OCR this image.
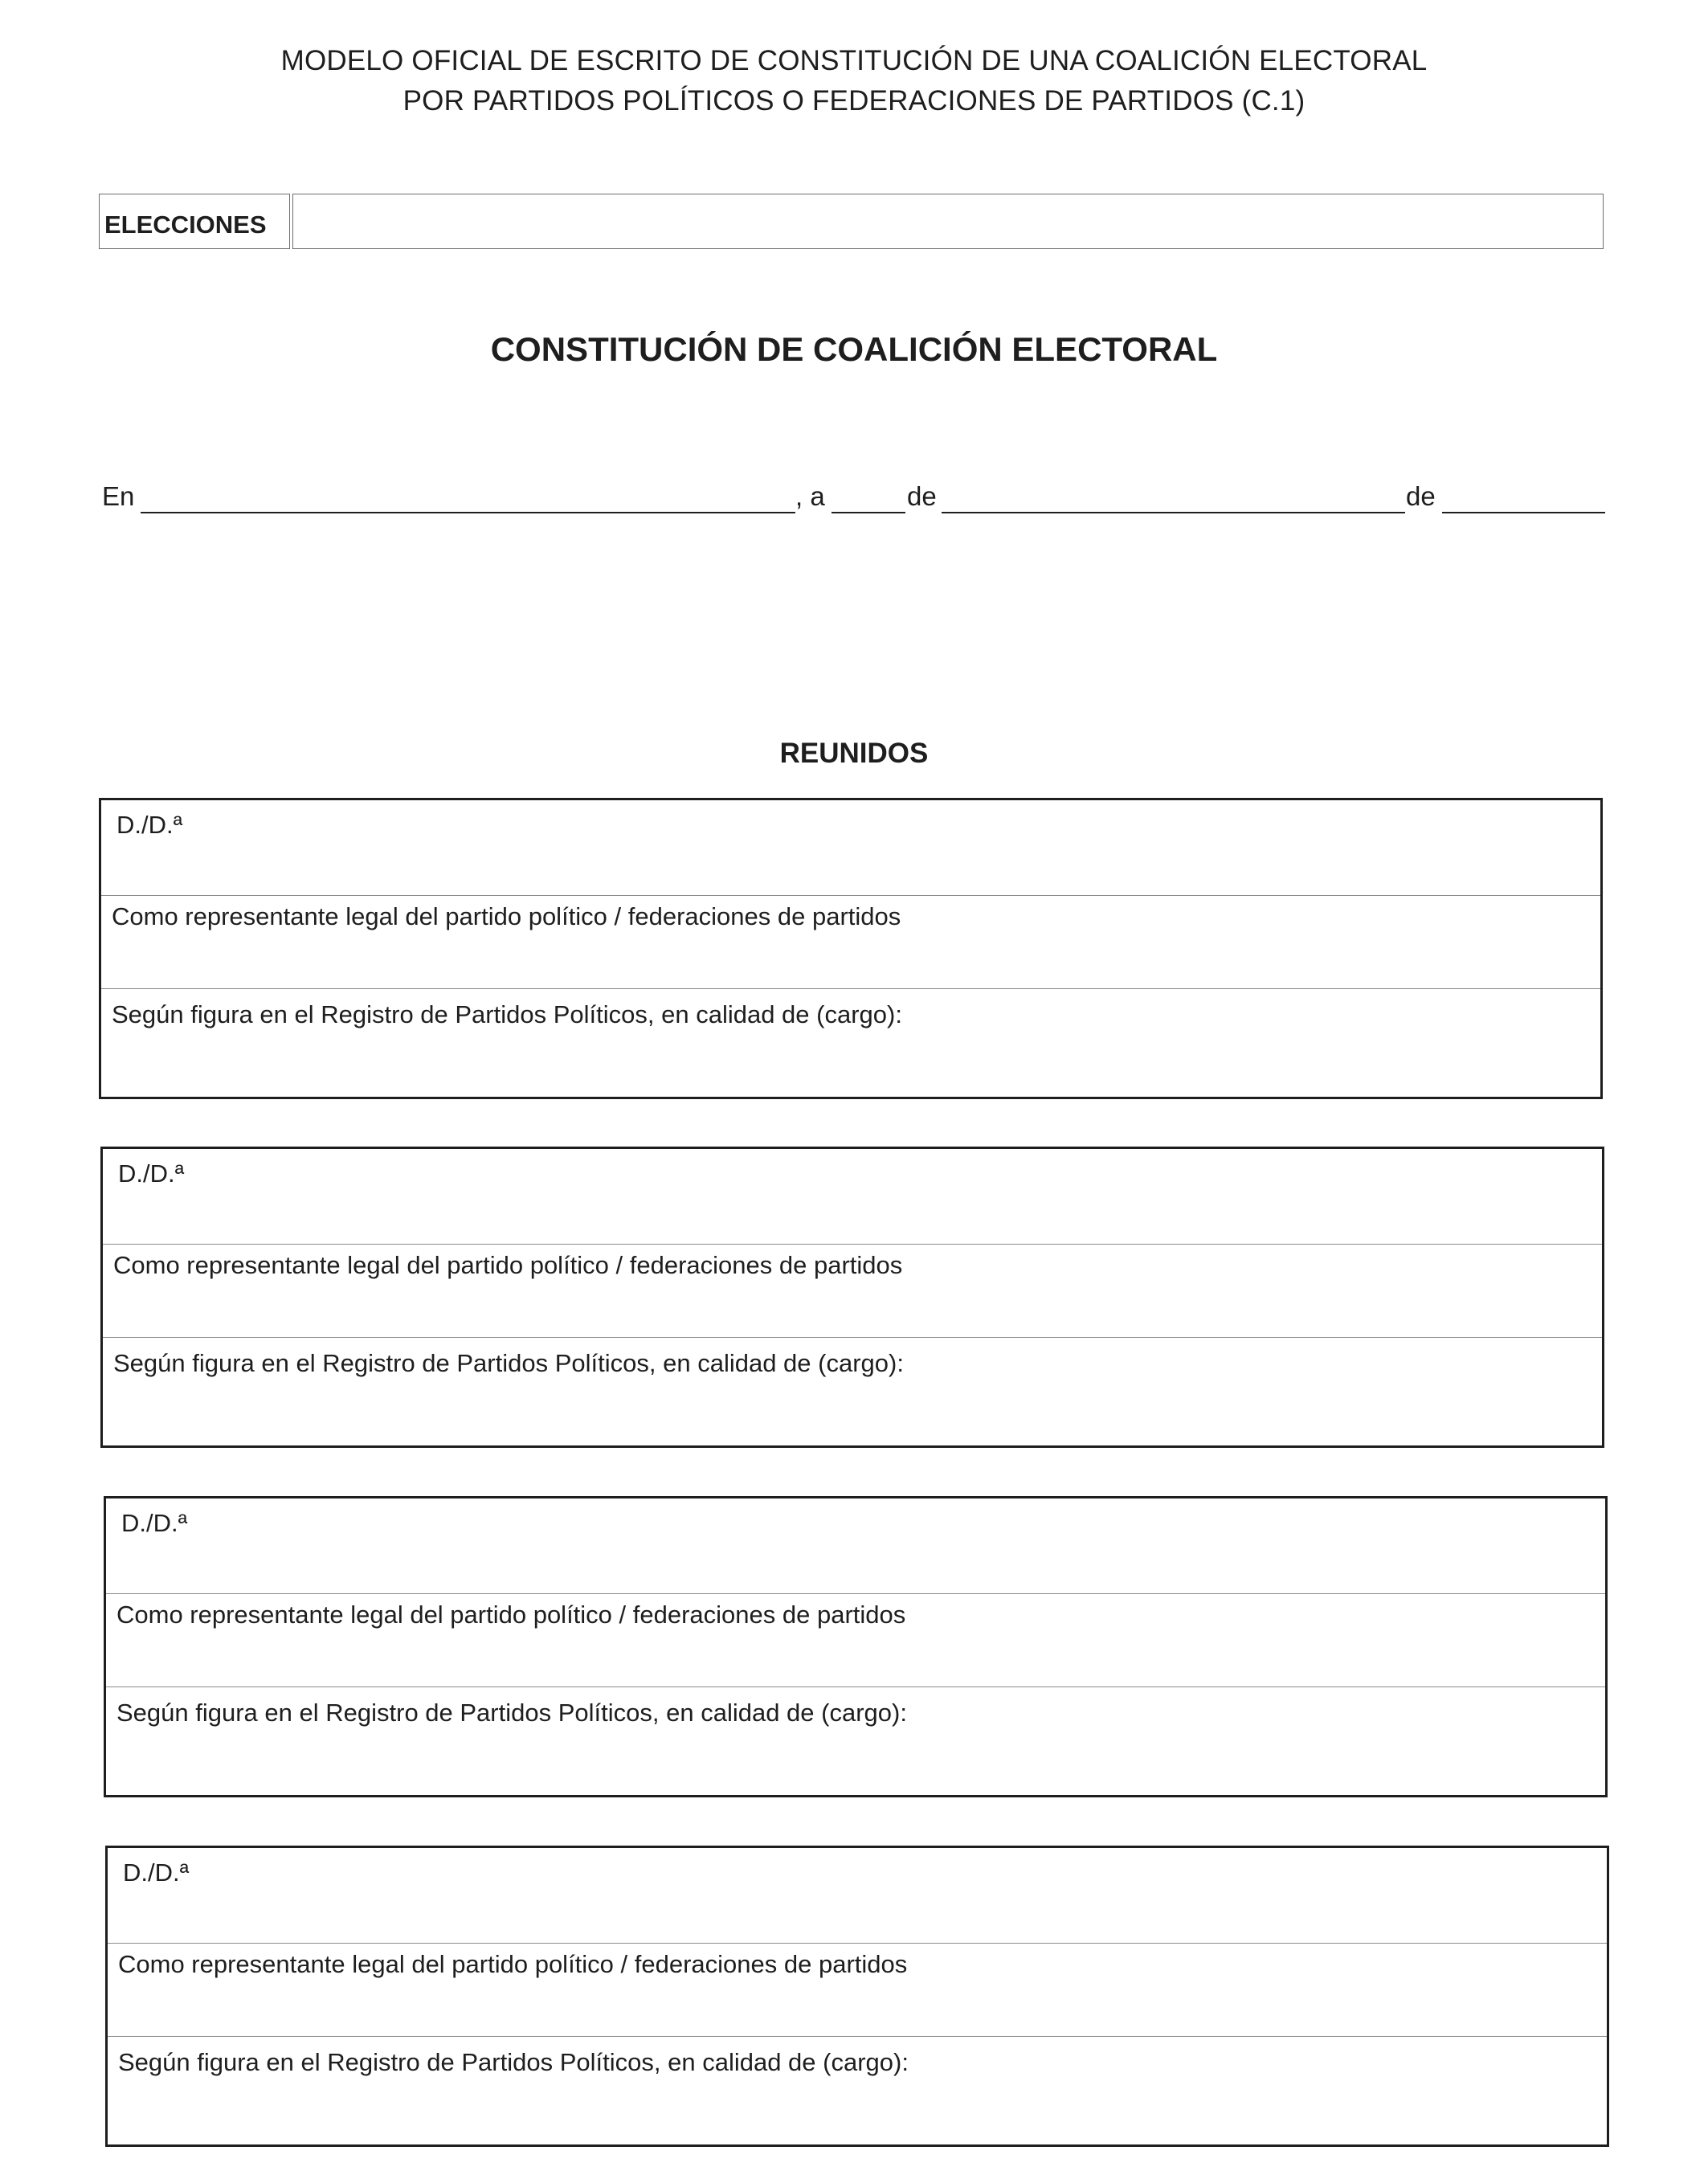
MODELO OFICIAL DE ESCRITO DE CONSTITUCIÓN DE UNA COALICIÓN ELECTORAL
POR PARTIDOS POLÍTICOS O FEDERACIONES DE PARTIDOS (C.1)
ELECCIONES
CONSTITUCIÓN DE COALICIÓN ELECTORAL
En	, a	de	de
REUNIDOS
D./D.ª
Como representante legal del partido político / federaciones de partidos
Según figura en el Registro de Partidos Políticos, en calidad de (cargo):
D./D.ª
Como representante legal del partido político / federaciones de partidos
Según figura en el Registro de Partidos Políticos, en calidad de (cargo):
D./D.ª
Como representante legal del partido político / federaciones de partidos
Según figura en el Registro de Partidos Políticos, en calidad de (cargo):
D./D.ª
Como representante legal del partido político / federaciones de partidos
Según figura en el Registro de Partidos Políticos, en calidad de (cargo):
